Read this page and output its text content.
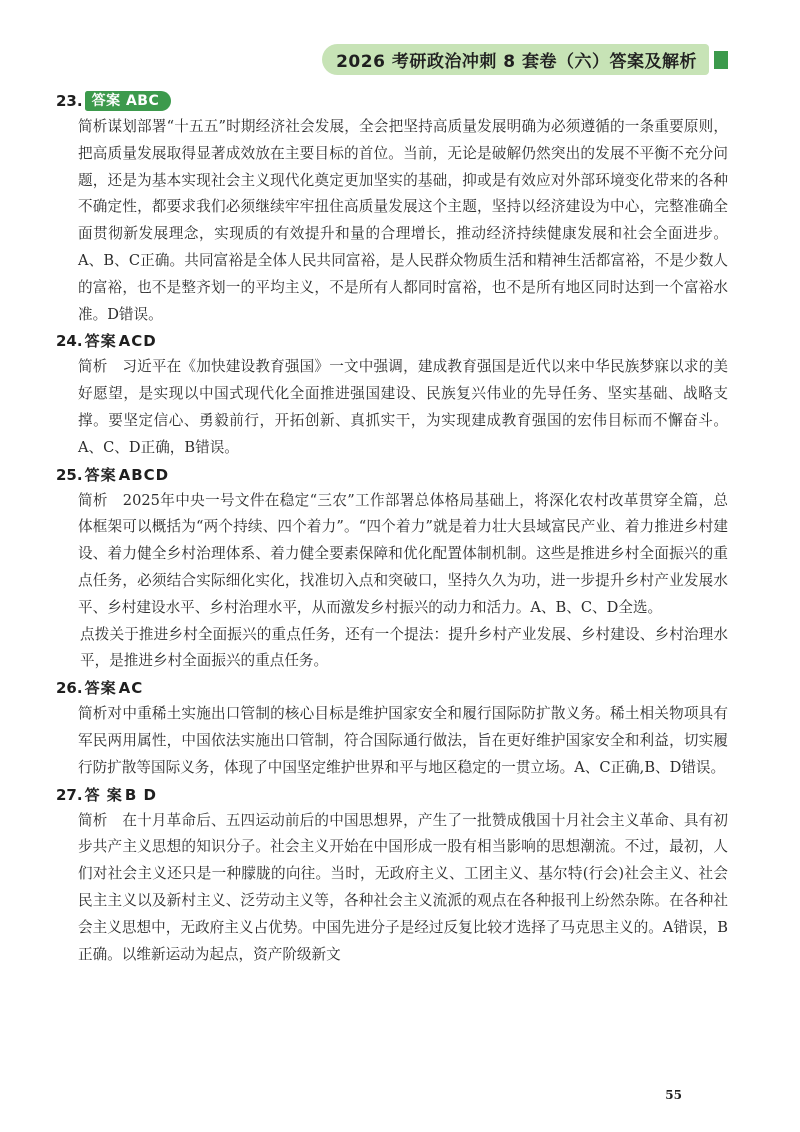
2026 考研政治冲刺 8 套卷（六）答案及解析
23. 答案 ABC

简析谋划部署“十五五”时期经济社会发展，全会把坚持高质量发展明确为必须遵循的一条重要原则，把高质量发展取得显著成效放在主要目标的首位。当前，无论是破解仍然突出的发展不平衡不充分问题，还是为基本实现社会主义现代化奠定更加坚实的基础，抑或是有效应对外部环境变化带来的各种不确定性，都要求我们必须继续牢牢扭住高质量发展这个主题，坚持以经济建设为中心，完整准确全面贯彻新发展理念，实现质的有效提升和量的合理增长，推动经济持续健康发展和社会全面进步。A、B、C正确。共同富裕是全体人民共同富裕，是人民群众物质生活和精神生活都富裕，不是少数人的富裕，也不是整齐划一的平均主义，不是所有人都同时富裕，也不是所有地区同时达到一个富裕水准。D错误。

24. 答案 ACD

简析　习近平在《加快建设教育强国》一文中强调，建成教育强国是近代以来中华民族梦寐以求的美好愿望，是实现以中国式现代化全面推进强国建设、民族复兴伟业的先导任务、坚实基础、战略支撑。要坚定信心、勇毅前行，开拓创新、真抓实干，为实现建成教育强国的宏伟目标而不懈奋斗。A、C、D正确，B错误。

25. 答案 ABCD

简析　2025年中央一号文件在稳定“三农”工作部署总体格局基础上，将深化农村改革贯穿全篇，总体框架可以概括为“两个持续、四个着力”。“四个着力”就是着力壮大县域富民产业、着力推进乡村建设、着力健全乡村治理体系、着力健全要素保障和优化配置体制机制。这些是推进乡村全面振兴的重点任务，必须结合实际细化实化，找准切入点和突破口，坚持久久为功，进一步提升乡村产业发展水平、乡村建设水平、乡村治理水平，从而激发乡村振兴的动力和活力。A、B、C、D全选。

点拨关于推进乡村全面振兴的重点任务，还有一个提法：提升乡村产业发展、乡村建设、乡村治理水平，是推进乡村全面振兴的重点任务。

26. 答案 AC

简析对中重稀土实施出口管制的核心目标是维护国家安全和履行国际防扩散义务。稀土相关物项具有军民两用属性，中国依法实施出口管制，符合国际通行做法，旨在更好维护国家安全和利益，切实履行防扩散等国际义务，体现了中国坚定维护世界和平与地区稳定的一贯立场。A、C正确,B、D错误。

27. 答 案 B D

简析　在十月革命后、五四运动前后的中国思想界，产生了一批赞成俄国十月社会主义革命、具有初步共产主义思想的知识分子。社会主义开始在中国形成一股有相当影响的思想潮流。不过，最初，人们对社会主义还只是一种朦胧的向往。当时，无政府主义、工团主义、基尔特(行会)社会主义、社会民主主义以及新村主义、泛劳动主义等，各种社会主义流派的观点在各种报刊上纷然杂陈。在各种社会主义思想中，无政府主义占优势。中国先进分子是经过反复比较才选择了马克思主义的。A错误，B正确。以维新运动为起点，资产阶级新文

55
